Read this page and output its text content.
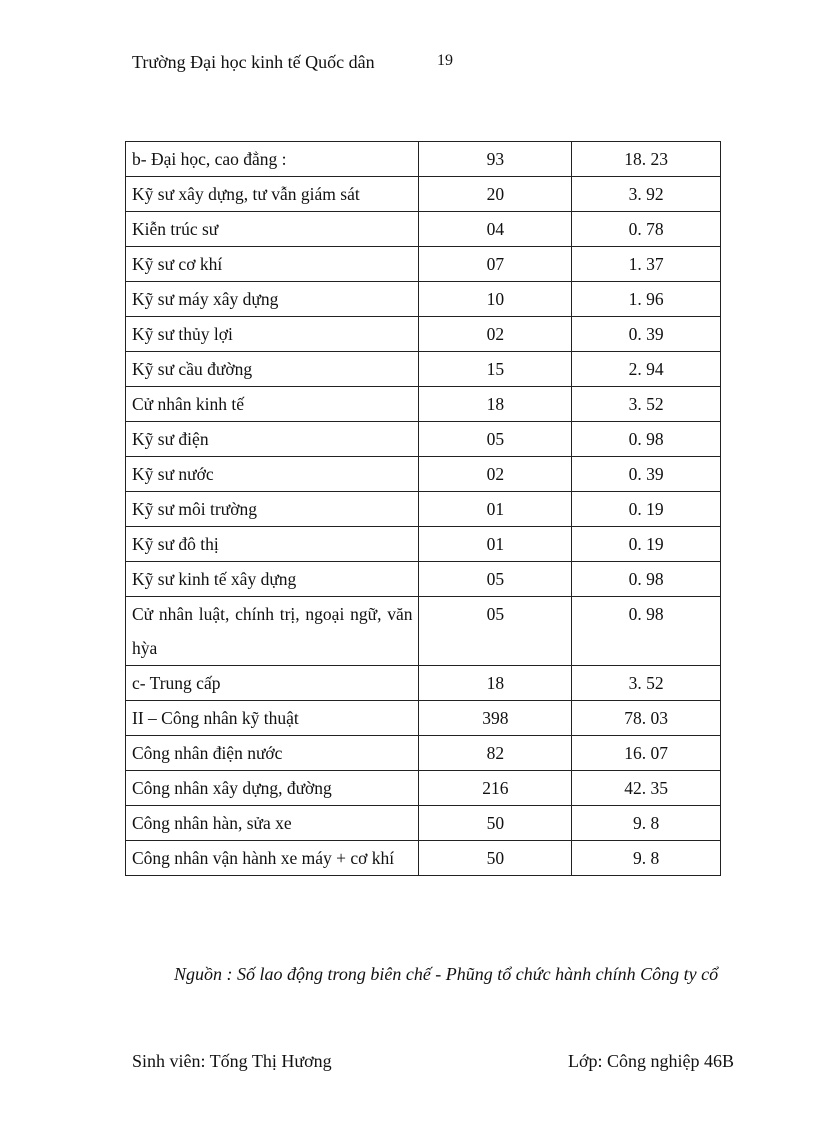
Trường Đại học kinh tế Quốc dân	19
b- Đại học, cao đẳng :	93	18. 23
Kỹ sư xây dựng, tư vẫn giám sát	20	3. 92
Kiễn trúc sư	04	0. 78
Kỹ sư cơ khí	07	1. 37
Kỹ sư máy xây dựng	10	1. 96
Kỹ sư thủy lợi	02	0. 39
Kỹ sư cầu đường	15	2. 94
Cử nhân kinh tế	18	3. 52
Kỹ sư điện	05	0. 98
Kỹ sư nước	02	0. 39
Kỹ sư môi trường	01	0. 19
Kỹ sư đô thị	01	0. 19
Kỹ sư kinh tế xây dựng	05	0. 98
Cử nhân luật, chính trị, ngoại ngữ, văn hỳa	05	0. 98
c- Trung cấp	18	3. 52
II – Công nhân kỹ thuật	398	78. 03
Công nhân điện nước	82	16. 07
Công nhân xây dựng, đường	216	42. 35
Công nhân hàn, sửa xe	50	9. 8
Công nhân vận hành xe máy + cơ khí	50	9. 8
Nguồn : Số lao động trong biên chế - Phũng tổ chức hành chính Công ty cổ
Sinh viên: Tống Thị Hương	Lớp: Công nghiệp 46B
